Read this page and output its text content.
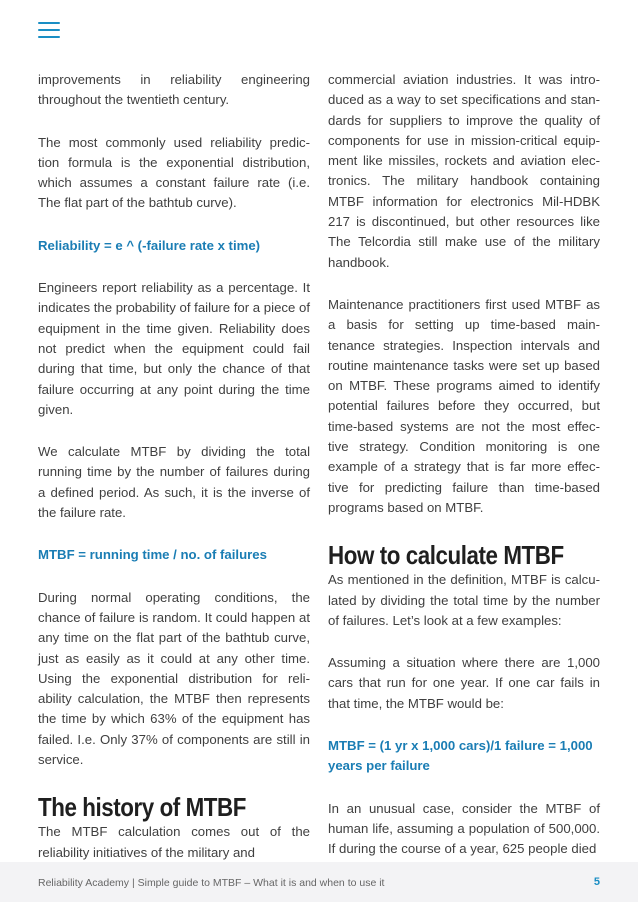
improvements in reliability engineering throughout the twentieth century.

The most commonly used reliability predic- tion formula is the exponential distribution, which assumes a constant failure rate (i.e. The flat part of the bathtub curve).

Reliability = e ^ (-failure rate x time)

Engineers report reliability as a percentage. It indicates the probability of failure for a piece of equipment in the time given. Reliability does not predict when the equipment could fail during that time, but only the chance of that failure occurring at any point during the time given.

We calculate MTBF by dividing the total running time by the number of failures during a defined period. As such, it is the inverse of the failure rate.

MTBF = running time / no. of failures

During normal operating conditions, the chance of failure is random. It could happen at any time on the flat part of the bathtub curve, just as easily as it could at any other time. Using the exponential distribution for reli- ability calculation, the MTBF then represents the time by which 63% of the equipment has failed. I.e. Only 37% of components are still in service.

The history of MTBF

The MTBF calculation comes out of the reliability initiatives of the military and

commercial aviation industries. It was intro- duced as a way to set specifications and stan- dards for suppliers to improve the quality of components for use in mission-critical equip- ment like missiles, rockets and aviation elec- tronics. The military handbook containing MTBF information for electronics Mil-HDBK 217 is discontinued, but other resources like The Telcordia still make use of the military handbook.

Maintenance practitioners first used MTBF as a basis for setting up time-based main- tenance strategies. Inspection intervals and routine maintenance tasks were set up based on MTBF. These programs aimed to identify potential failures before they occurred, but time-based systems are not the most effec- tive strategy. Condition monitoring is one example of a strategy that is far more effec- tive for predicting failure than time-based programs based on MTBF.

How to calculate MTBF

As mentioned in the definition, MTBF is calcu- lated by dividing the total time by the number of failures. Let’s look at a few examples:

Assuming a situation where there are 1,000 cars that run for one year. If one car fails in that time, the MTBF would be:

MTBF = (1 yr x 1,000 cars)/1 failure = 1,000 years per failure

In an unusual case, consider the MTBF of human life, assuming a population of 500,000. If during the course of a year, 625 people died

Reliability Academy | Simple guide to MTBF – What it is and when to use it	5
